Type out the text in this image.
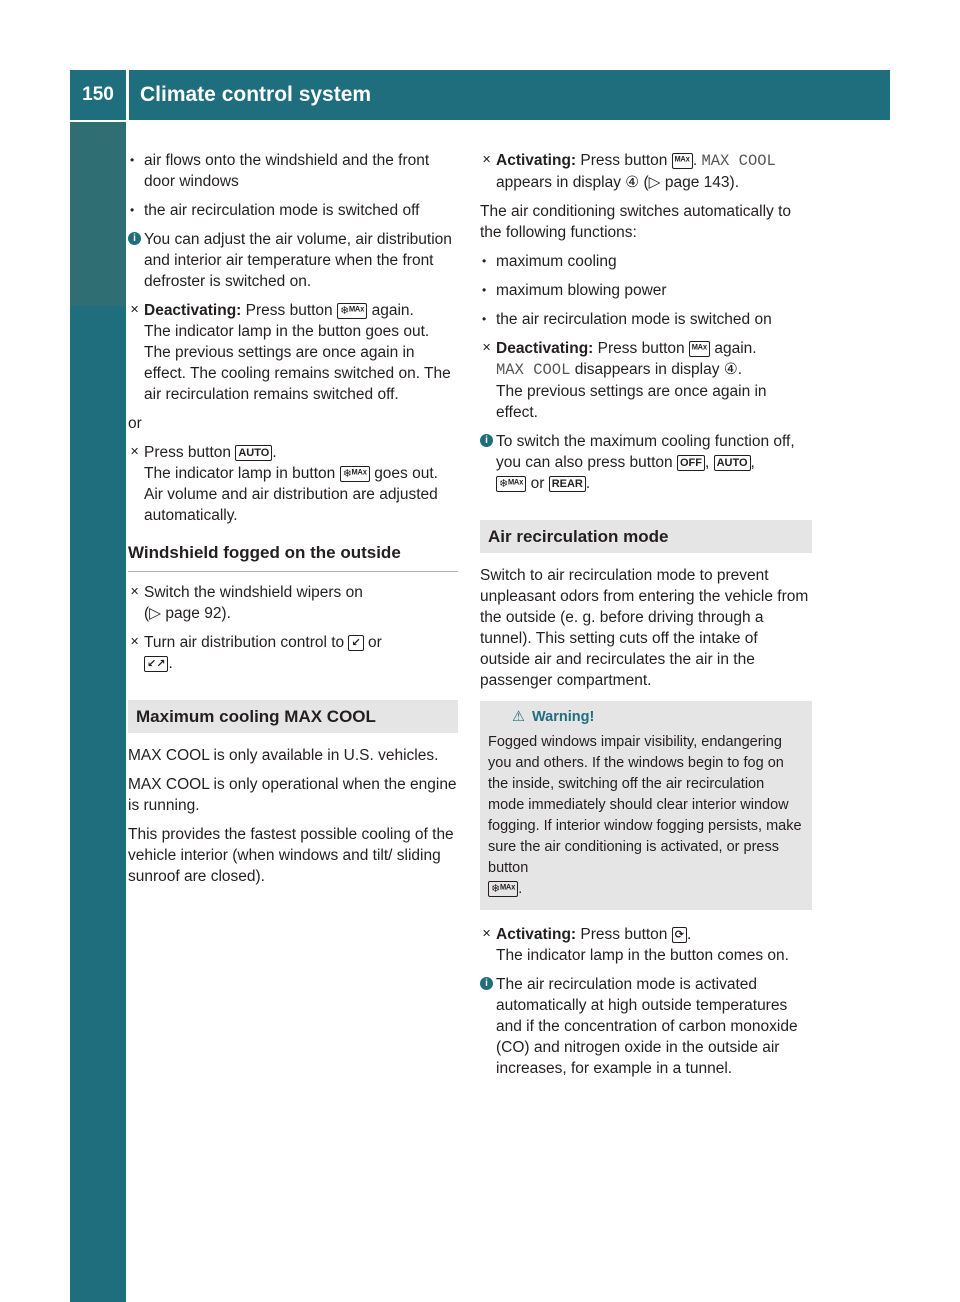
150	Climate control system
Controls in detail
• air flows onto the windshield and the front door windows
• the air recirculation mode is switched off
i You can adjust the air volume, air distribution and interior air temperature when the front defroster is switched on.
✕ Deactivating: Press button ❄ᴹᴬˣ again.
The indicator lamp in the button goes out. The previous settings are once again in effect. The cooling remains switched on. The air recirculation remains switched off.

or

✕ Press button AUTO .
The indicator lamp in button ❄ᴹᴬˣ goes out. Air volume and air distribution are adjusted automatically.
Windshield fogged on the outside
✕ Switch the windshield wipers on
(▷ page 92).
✕ Turn air distribution control to ↙ or
↙↗ .
Maximum cooling MAX COOL

MAX COOL is only available in U.S. vehicles.

MAX COOL is only operational when the engine is running.

This provides the fastest possible cooling of the vehicle interior (when windows and tilt/ sliding sunroof are closed).

✕ Activating: Press button ᴹᴬˣ . MAX COOL
appears in display ④ (▷ page 143).

The air conditioning switches automatically to the following functions:

• maximum cooling
• maximum blowing power
• the air recirculation mode is switched on
✕ Deactivating: Press button ᴹᴬˣ again.
MAX COOL disappears in display ④.
The previous settings are once again in effect.
i To switch the maximum cooling function off, you can also press button OFF , AUTO ,
❄ᴹᴬˣ or REAR .
Air recirculation mode

Switch to air recirculation mode to prevent unpleasant odors from entering the vehicle from the outside (e. g. before driving through a tunnel). This setting cuts off the intake of outside air and recirculates the air in the passenger compartment.

⚠ Warning!
Fogged windows impair visibility, endangering you and others. If the windows begin to fog on the inside, switching off the air recirculation mode immediately should clear interior window fogging. If interior window fogging persists, make sure the air conditioning is activated, or press button
❄ᴹᴬˣ .
✕ Activating: Press button ⟳ .
The indicator lamp in the button comes on.
i The air recirculation mode is activated automatically at high outside temperatures and if the concentration of carbon monoxide (CO) and nitrogen oxide in the outside air increases, for example in a tunnel.
